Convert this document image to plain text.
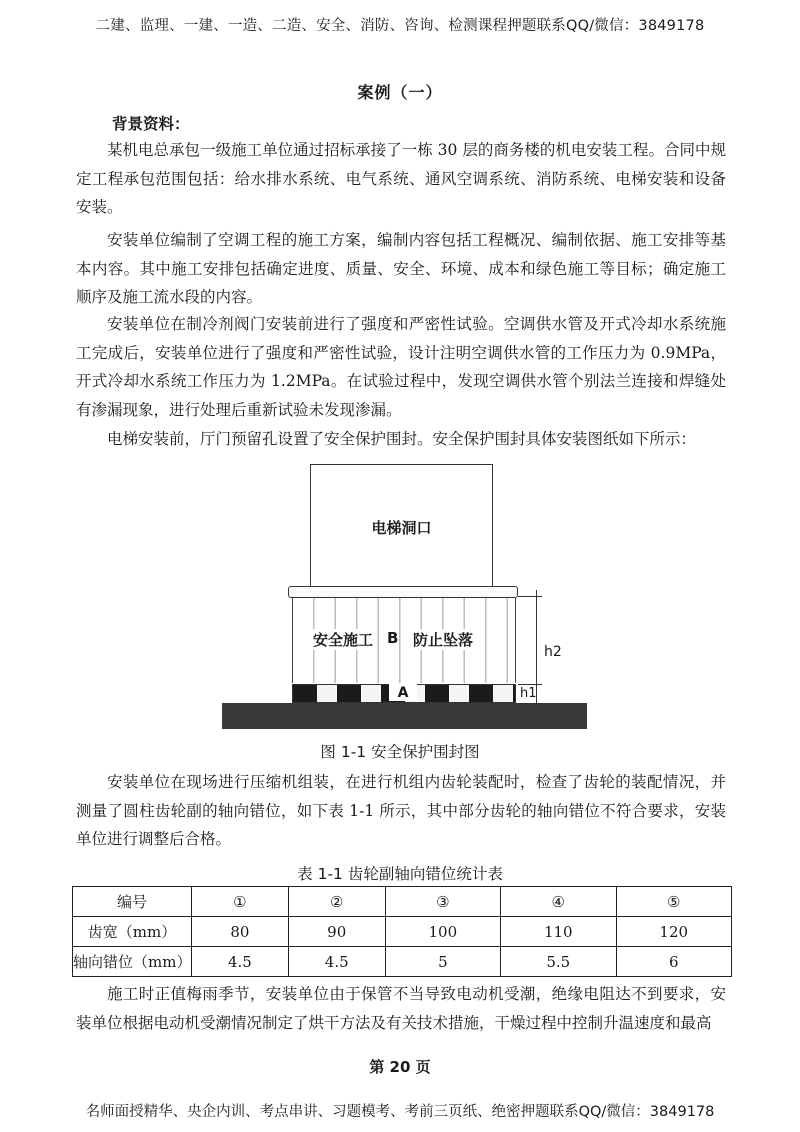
二建、监理、一建、一造、二造、安全、消防、咨询、检测课程押题联系QQ/微信：3849178
案例（一）
背景资料：

某机电总承包一级施工单位通过招标承接了一栋 30 层的商务楼的机电安装工程。合同中规定工程承包范围包括：给水排水系统、电气系统、通风空调系统、消防系统、电梯安装和设备安装。

安装单位编制了空调工程的施工方案，编制内容包括工程概况、编制依据、施工安排等基本内容。其中施工安排包括确定进度、质量、安全、环境、成本和绿色施工等目标；确定施工顺序及施工流水段的内容。

安装单位在制冷剂阀门安装前进行了强度和严密性试验。空调供水管及开式冷却水系统施工完成后，安装单位进行了强度和严密性试验，设计注明空调供水管的工作压力为 0.9MPa，开式冷却水系统工作压力为 1.2MPa。在试验过程中，发现空调供水管个别法兰连接和焊缝处有渗漏现象，进行处理后重新试验未发现渗漏。

电梯安装前，厅门预留孔设置了安全保护围封。安全保护围封具体安装图纸如下所示：

电梯洞口
安全施工 B 防止坠落
A
h2
h1
图 1-1 安全保护围封图

安装单位在现场进行压缩机组装，在进行机组内齿轮装配时，检查了齿轮的装配情况，并测量了圆柱齿轮副的轴向错位，如下表 1-1 所示，其中部分齿轮的轴向错位不符合要求，安装单位进行调整后合格。

表 1-1 齿轮副轴向错位统计表
编号	①	②	③	④	⑤
齿宽（mm）	80	90	100	110	120
轴向错位（mm）	4.5	4.5	5	5.5	6

施工时正值梅雨季节，安装单位由于保管不当导致电动机受潮，绝缘电阻达不到要求，安装单位根据电动机受潮情况制定了烘干方法及有关技术措施，干燥过程中控制升温速度和最高

第 20 页
名师面授精华、央企内训、考点串讲、习题模考、考前三页纸、绝密押题联系QQ/微信：3849178
